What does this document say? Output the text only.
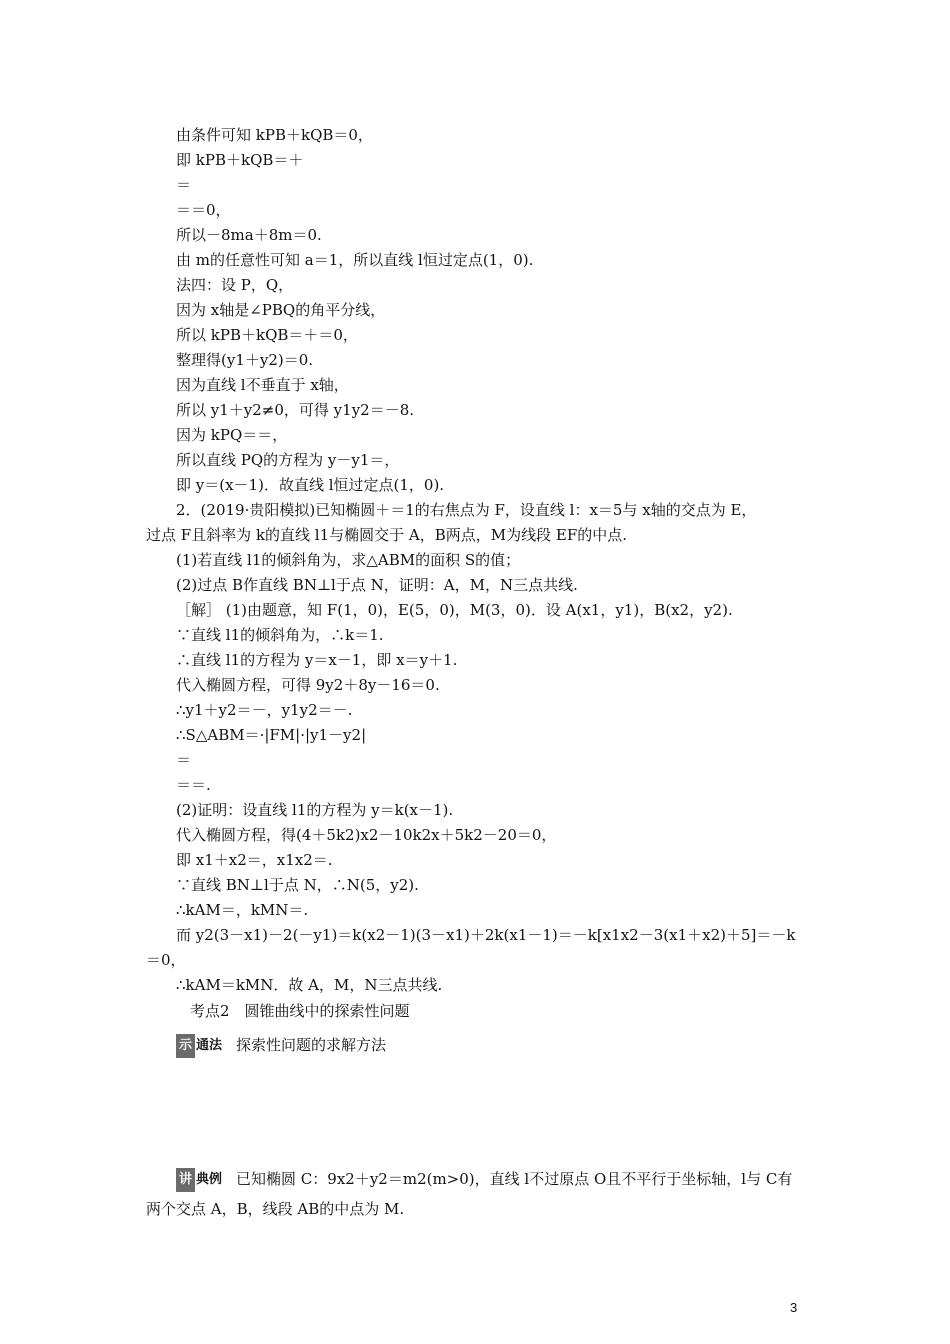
由条件可知 kPB＋kQB＝0，
即 kPB＋kQB＝＋
＝
＝＝0，
所以－8ma＋8m＝0.
由 m的任意性可知 a＝1，所以直线 l恒过定点(1，0).
法四：设 P，Q，
因为 x轴是∠PBQ的角平分线，
所以 kPB＋kQB＝＋＝0，
整理得(y1＋y2)＝0.
因为直线 l不垂直于 x轴，
所以 y1＋y2≠0，可得 y1y2＝－8.
因为 kPQ＝＝，
所以直线 PQ的方程为 y－y1＝，
即 y＝(x－1)．故直线 l恒过定点(1，0).
2．(2019·贵阳模拟)已知椭圆＋＝1的右焦点为 F，设直线 l：x＝5与 x轴的交点为 E，
过点 F且斜率为 k的直线 l1与椭圆交于 A，B两点，M为线段 EF的中点.
(1)若直线 l1的倾斜角为，求△ABM的面积 S的值；
(2)过点 B作直线 BN⊥l于点 N，证明：A，M，N三点共线.
［解］ (1)由题意，知 F(1，0)，E(5，0)，M(3，0)．设 A(x1，y1)，B(x2，y2).
∵直线 l1的倾斜角为，∴k＝1.
∴直线 l1的方程为 y＝x－1，即 x＝y＋1.
代入椭圆方程，可得 9y2＋8y－16＝0.
∴y1＋y2＝－，y1y2＝－.
∴S△ABM＝·|FM|·|y1－y2|
＝
＝＝.
(2)证明：设直线 l1的方程为 y＝k(x－1).
代入椭圆方程，得(4＋5k2)x2－10k2x＋5k2－20＝0，
即 x1＋x2＝，x1x2＝.
∵直线 BN⊥l于点 N，∴N(5，y2).
∴kAM＝，kMN＝.
而 y2(3－x1)－2(－y1)＝k(x2－1)(3－x1)＋2k(x1－1)＝－k[x1x2－3(x1＋x2)＋5]＝－k
＝0，
∴kAM＝kMN．故 A，M，N三点共线.
考点2　圆锥曲线中的探索性问题
示 通法 探索性问题的求解方法
讲 典例 已知椭圆 C：9x2＋y2＝m2(m>0)，直线 l不过原点 O且不平行于坐标轴，l与 C有
两个交点 A，B，线段 AB的中点为 M.
3
